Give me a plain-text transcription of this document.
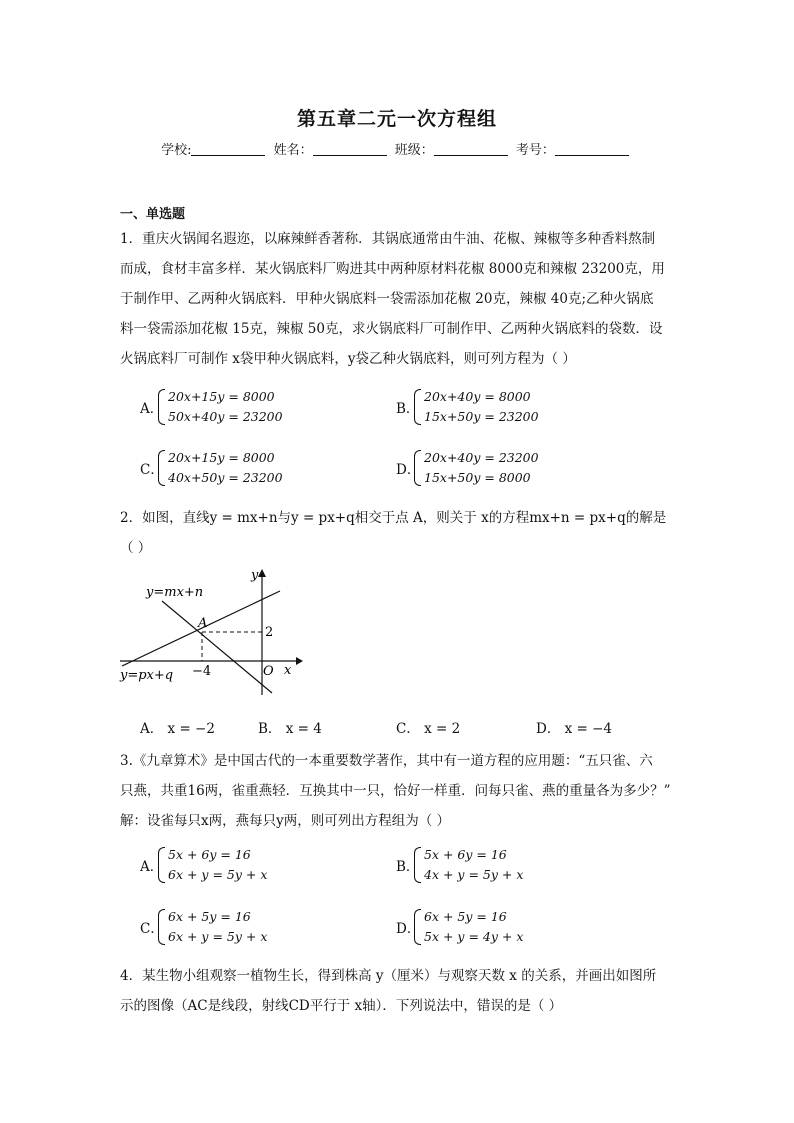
第五章二元一次方程组
学校:	姓名：	班级：	考号：
一、单选题
1．重庆火锅闻名遐迩，以麻辣鲜香著称．其锅底通常由牛油、花椒、辣椒等多种香料熬制
而成，食材丰富多样．某火锅底料厂购进其中两种原材料花椒 8000克和辣椒 23200克，用
于制作甲、乙两种火锅底料．甲种火锅底料一袋需添加花椒 20克，辣椒 40克;乙种火锅底
料一袋需添加花椒 15克，辣椒 50克，求火锅底料厂可制作甲、乙两种火锅底料的袋数．设
火锅底料厂可制作 x袋甲种火锅底料，y袋乙种火锅底料，则可列方程为（ ）
A．
20x+15y = 8000
50x+40y = 23200	B．
20x+40y = 8000
15x+50y = 23200
C．
20x+15y = 8000
40x+50y = 23200	D．
20x+40y = 23200
15x+50y = 8000
2．如图，直线y = mx+n与y = px+q相交于点 A，则关于 x的方程mx+n = px+q的解是
（ ）
y=mx+n
y=px+q
y
x
A
O
−4
2
A． x = −2	B． x = 4	C． x = 2	D． x = −4
3.《九章算术》是中国古代的一本重要数学著作，其中有一道方程的应用题：“五只雀、六
只燕，共重16两，雀重燕轻．互换其中一只，恰好一样重．问每只雀、燕的重量各为多少？”
解：设雀每只x两，燕每只y两，则可列出方程组为（ ）
A．
5x + 6y = 16
6x + y = 5y + x	B．
5x + 6y = 16
4x + y = 5y + x
C．
6x + 5y = 16
6x + y = 5y + x	D．
6x + 5y = 16
5x + y = 4y + x
4．某生物小组观察一植物生长，得到株高 y（厘米）与观察天数 x 的关系，并画出如图所
示的图像（AC是线段，射线CD平行于 x轴）．下列说法中，错误的是（ ）
